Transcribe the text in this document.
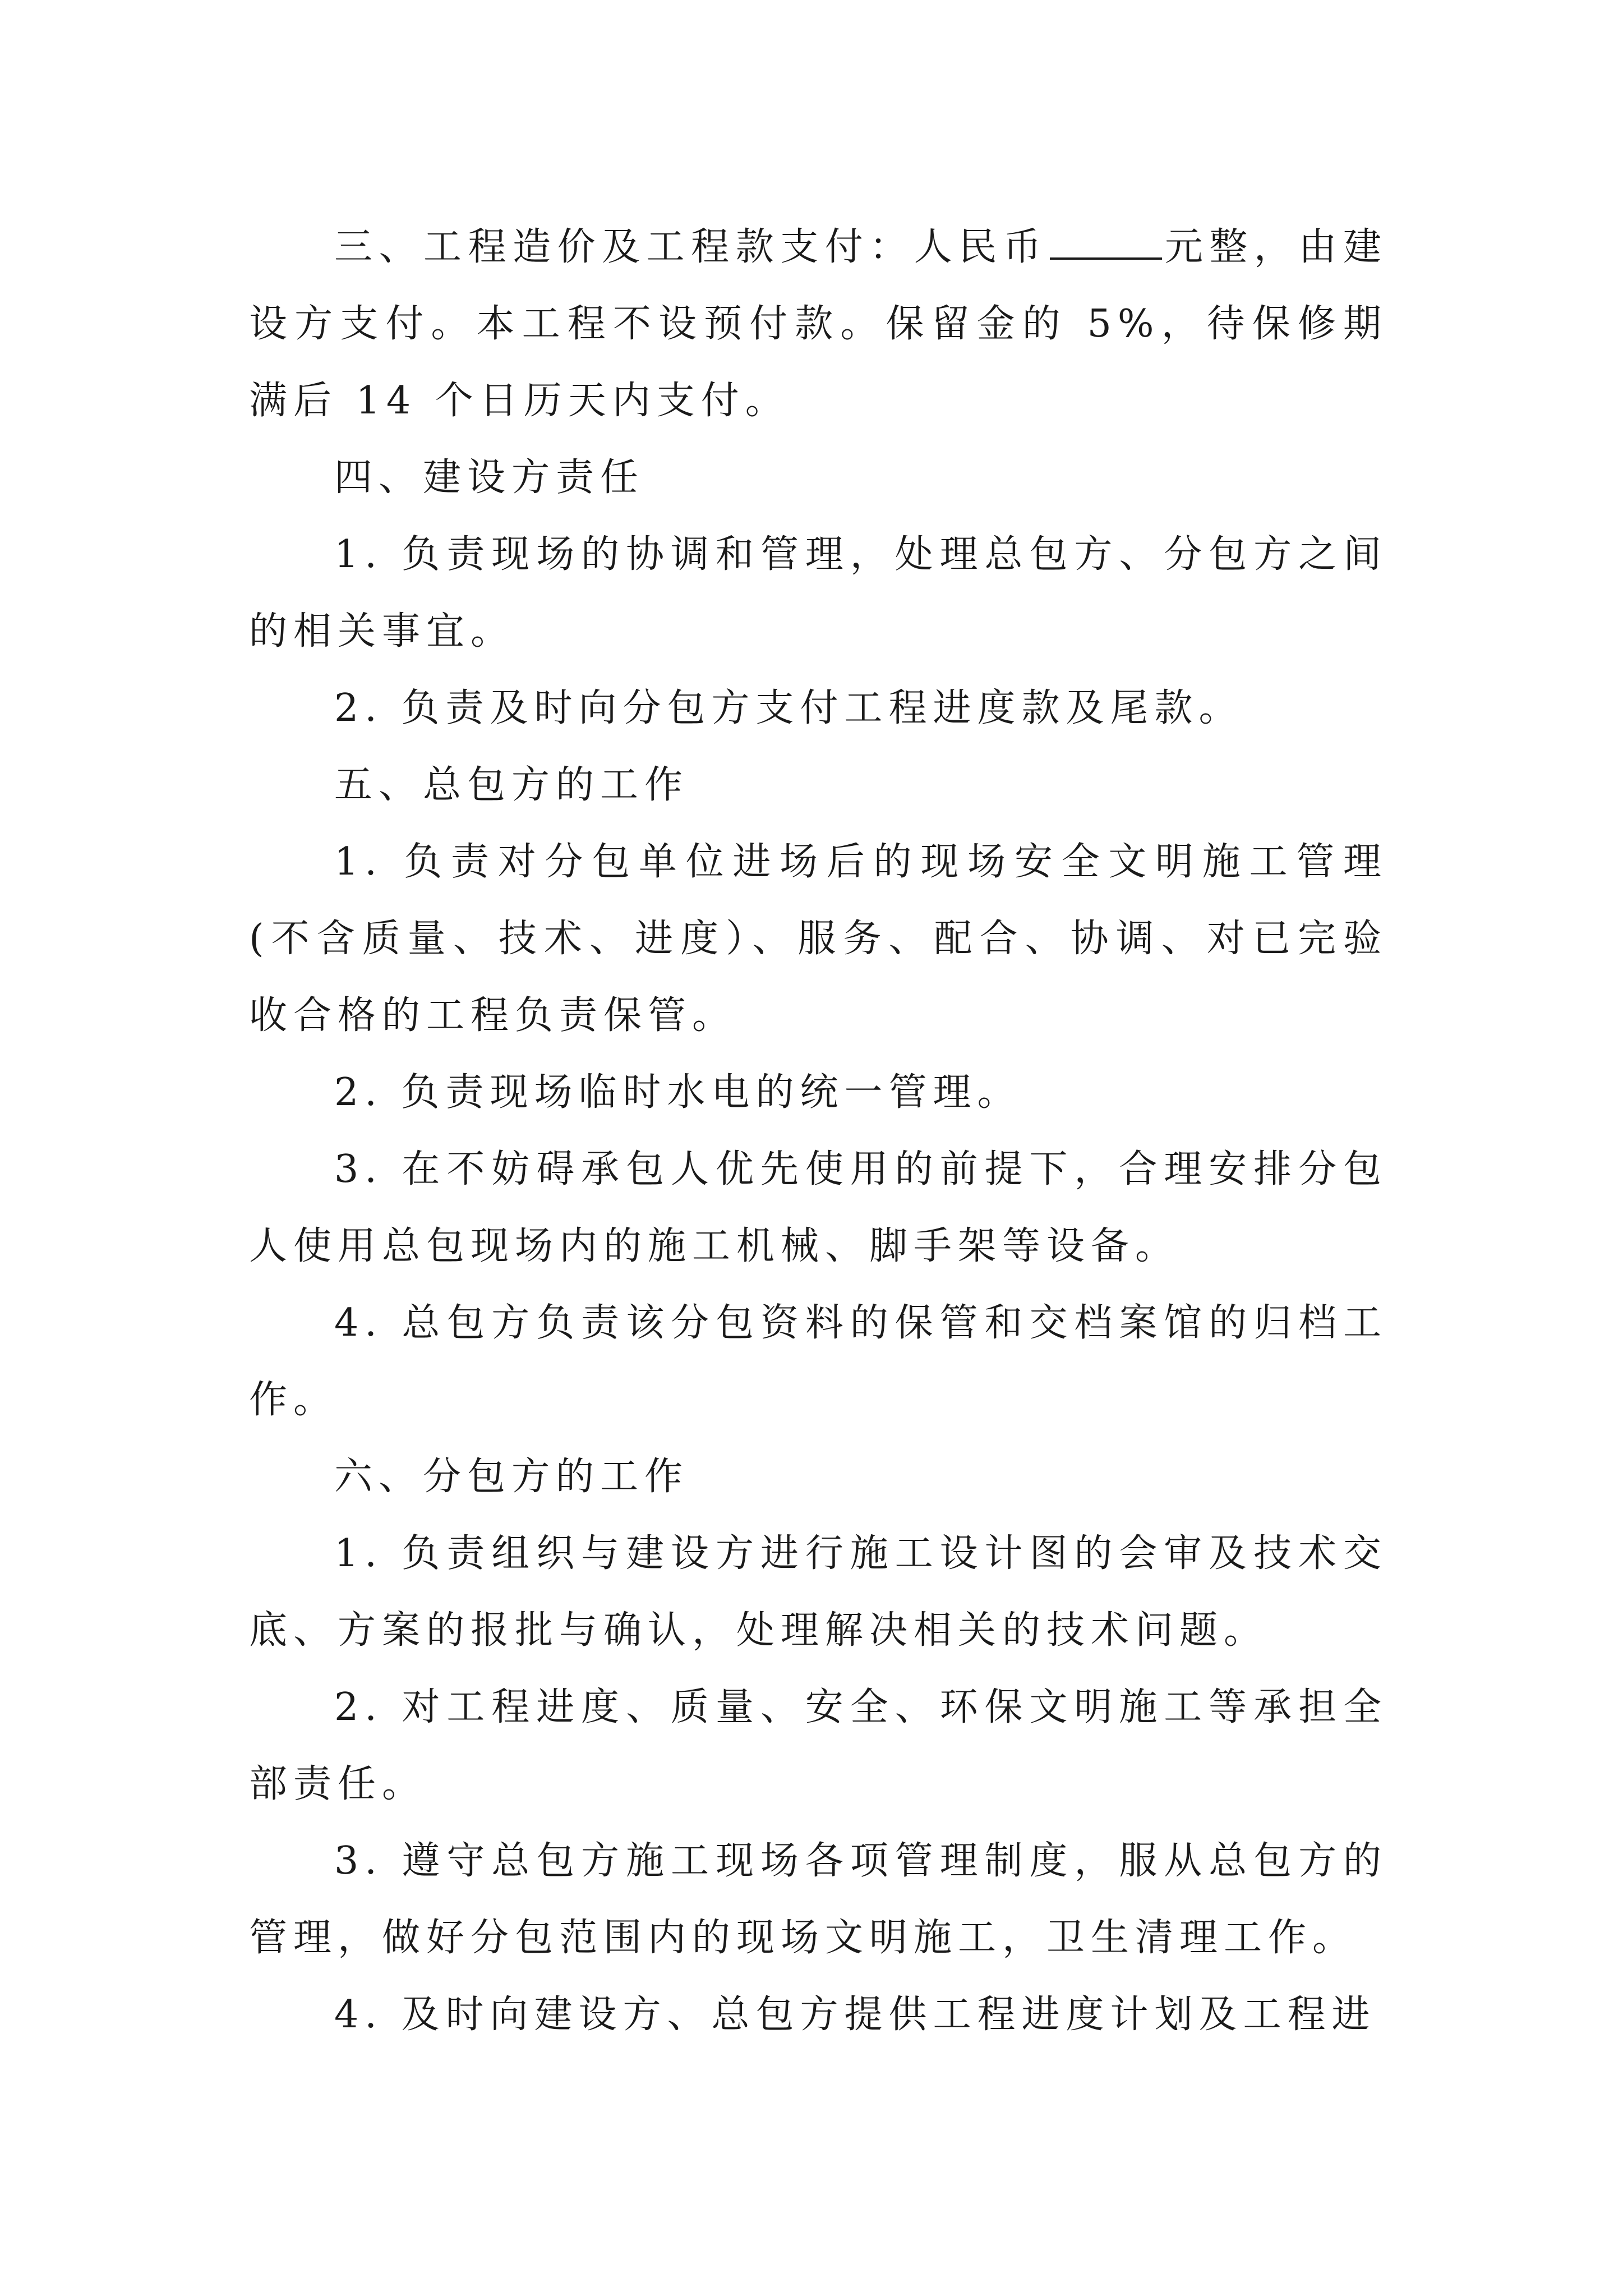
三、工程造价及工程款支付：人民币	元整，由建设方支付。本工程不设预付款。保留金的 5%，待保修期满后 14 个日历天内支付。

四、建设方责任

1. 负责现场的协调和管理，处理总包方、分包方之间的相关事宜。

2. 负责及时向分包方支付工程进度款及尾款。

五、总包方的工作

1. 负责对分包单位进场后的现场安全文明施工管理(不含质量、技术、进度）、服务、配合、协调、对已完验收合格的工程负责保管。

2. 负责现场临时水电的统一管理。

3. 在不妨碍承包人优先使用的前提下，合理安排分包人使用总包现场内的施工机械、脚手架等设备。

4. 总包方负责该分包资料的保管和交档案馆的归档工作。

六、分包方的工作

1. 负责组织与建设方进行施工设计图的会审及技术交底、方案的报批与确认，处理解决相关的技术问题。

2. 对工程进度、质量、安全、环保文明施工等承担全部责任。

3. 遵守总包方施工现场各项管理制度，服从总包方的管理，做好分包范围内的现场文明施工，卫生清理工作。

4. 及时向建设方、总包方提供工程进度计划及工程进
